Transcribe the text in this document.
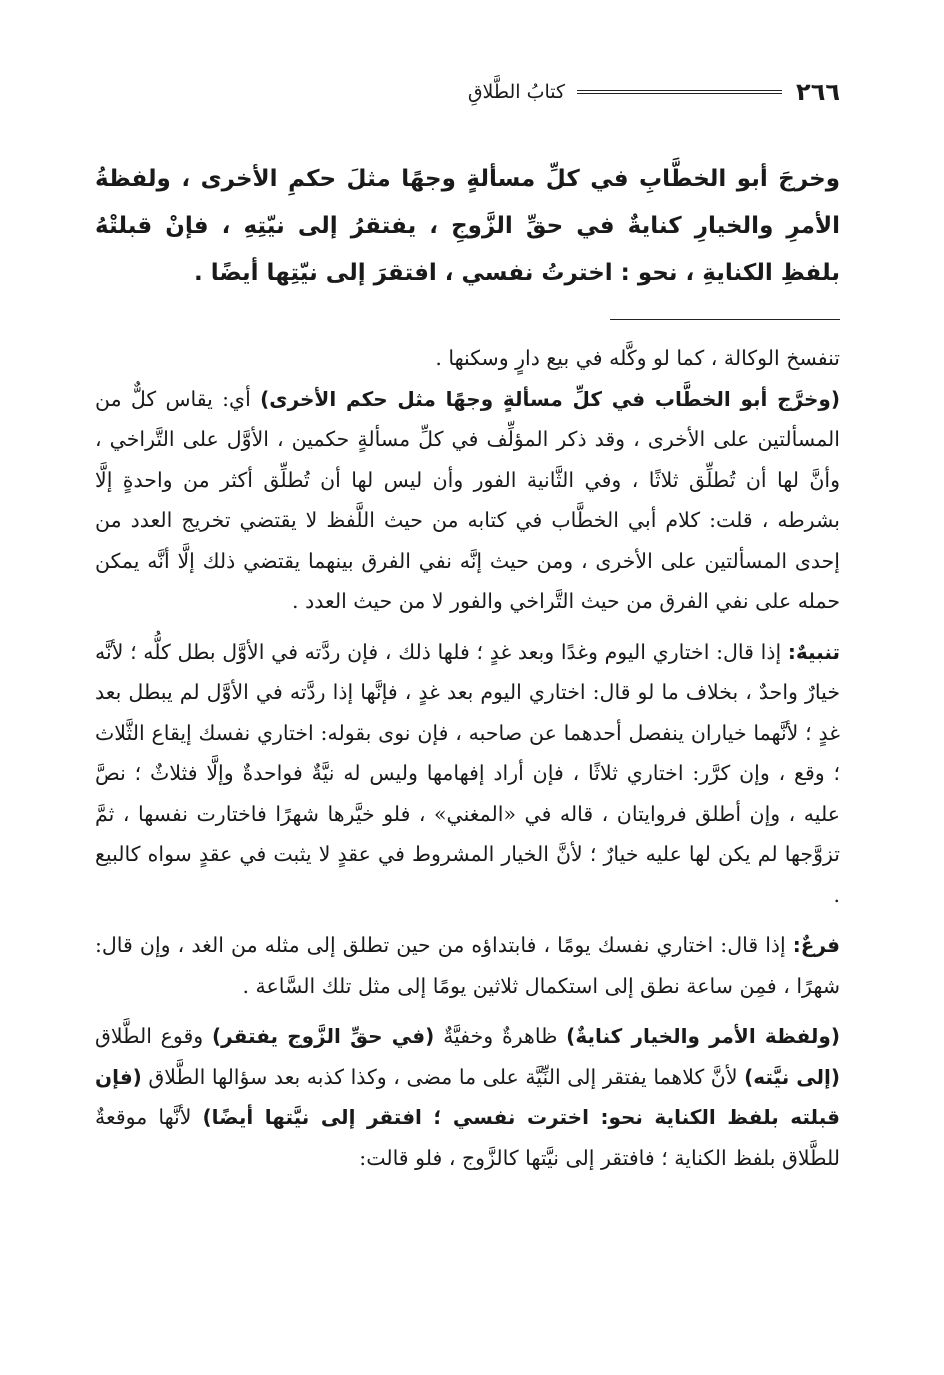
٢٦٦
كتابُ الطَّلاقِ
وخرجَ أبو الخطَّابِ في كلِّ مسألةٍ وجهًا مثلَ حكمِ الأخرى ، ولفظةُ الأمرِ والخيارِ كنايةٌ في حقِّ الزَّوجِ ، يفتقرُ إلى نيّتِهِ ، فإنْ قبلتْهُ بلفظِ الكنايةِ ، نحو : اخترتُ نفسي ، افتقرَ إلى نيّتِها أيضًا .

تنفسخ الوكالة ، كما لو وكَّله في بيع دارٍ وسكنها .

(وخرَّج أبو الخطَّاب في كلِّ مسألةٍ وجهًا مثل حكم الأخرى) أي: يقاس كلٌّ من المسألتين على الأخرى ، وقد ذكر المؤلِّف في كلِّ مسألةٍ حكمين ، الأوَّل على التَّراخي ، وأنَّ لها أن تُطلِّق ثلاثًا ، وفي الثَّانية الفور وأن ليس لها أن تُطلِّق أكثر من واحدةٍ إلَّا بشرطه ، قلت: كلام أبي الخطَّاب في كتابه من حيث اللَّفظ لا يقتضي تخريج العدد من إحدى المسألتين على الأخرى ، ومن حيث إنَّه نفي الفرق بينهما يقتضي ذلك إلَّا أنَّه يمكن حمله على نفي الفرق من حيث التَّراخي والفور لا من حيث العدد .

تنبيهٌ: إذا قال: اختاري اليوم وغدًا وبعد غدٍ ؛ فلها ذلك ، فإن ردَّته في الأوَّل بطل كلُّه ؛ لأنَّه خيارٌ واحدٌ ، بخلاف ما لو قال: اختاري اليوم بعد غدٍ ، فإنَّها إذا ردَّته في الأوَّل لم يبطل بعد غدٍ ؛ لأنَّهما خياران ينفصل أحدهما عن صاحبه ، فإن نوى بقوله: اختاري نفسك إيقاع الثَّلاث ؛ وقع ، وإن كرَّر: اختاري ثلاثًا ، فإن أراد إفهامها وليس له نيَّةٌ فواحدةٌ وإلَّا فثلاثٌ ؛ نصَّ عليه ، وإن أطلق فروايتان ، قاله في «المغني» ، فلو خيَّرها شهرًا فاختارت نفسها ، ثمَّ تزوَّجها لم يكن لها عليه خيارٌ ؛ لأنَّ الخيار المشروط في عقدٍ لا يثبت في عقدٍ سواه كالبيع .

فرعٌ: إذا قال: اختاري نفسك يومًا ، فابتداؤه من حين تطلق إلى مثله من الغد ، وإن قال: شهرًا ، فمِن ساعة نطق إلى استكمال ثلاثين يومًا إلى مثل تلك السَّاعة .

(ولفظة الأمر والخيار كنايةٌ) ظاهرةٌ وخفيَّةٌ (في حقِّ الزَّوج يفتقر) وقوع الطَّلاق (إلى نيَّته) لأنَّ كلاهما يفتقر إلى النِّيَّة على ما مضى ، وكذا كذبه بعد سؤالها الطَّلاق (فإن قبلته بلفظ الكناية نحو: اخترت نفسي ؛ افتقر إلى نيَّتها أيضًا) لأنَّها موقعةٌ للطَّلاق بلفظ الكناية ؛ فافتقر إلى نيَّتها كالزَّوج ، فلو قالت:
